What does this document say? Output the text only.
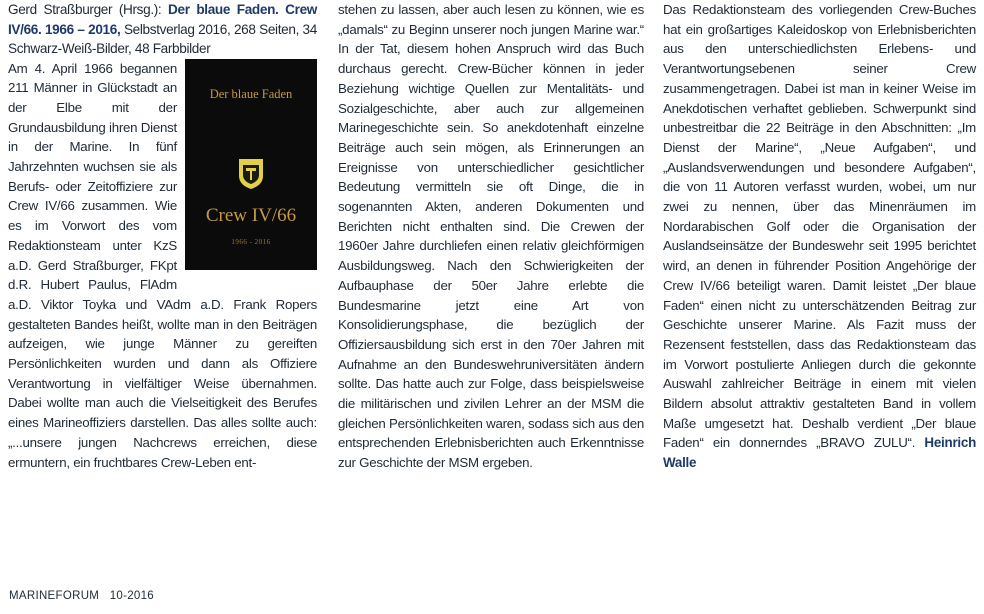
Gerd Straßburger (Hrsg.): Der blaue Faden. Crew IV/66. 1966 – 2016, Selbstverlag 2016, 268 Seiten, 34 Schwarz-Weiß-Bilder, 48 Farbbilder

Der blaue Faden
Crew IV/66
1966 - 2016

Am 4. April 1966 begannen 211 Männer in Glückstadt an der Elbe mit der Grundausbildung ihren Dienst in der Marine. In fünf Jahrzehnten wuchsen sie als Berufs- oder Zeitoffiziere zur Crew IV/66 zusammen. Wie es im Vorwort des vom Redaktionsteam unter KzS a.D. Gerd Straßburger, FKpt d.R. Hubert Paulus, FlAdm a.D. Viktor Toyka und VAdm a.D. Frank Ropers gestalteten Bandes heißt, wollte man in den Beiträgen aufzeigen, wie junge Männer zu gereiften Persönlichkeiten wurden und dann als Offiziere Verantwortung in vielfältiger Weise übernahmen. Dabei wollte man auch die Vielseitigkeit des Berufes eines Marineoffiziers darstellen. Das alles sollte auch: „...unsere jungen Nachcrews erreichen, diese ermuntern, ein fruchtbares Crew-Leben ent-

stehen zu lassen, aber auch lesen zu können, wie es „damals“ zu Beginn unserer noch jungen Marine war.“ In der Tat, diesem hohen Anspruch wird das Buch durchaus gerecht. Crew-Bücher können in jeder Beziehung wichtige Quellen zur Mentalitäts- und Sozialgeschichte, aber auch zur allgemeinen Marinegeschichte sein. So anekdotenhaft einzelne Beiträge auch sein mögen, als Erinnerungen an Ereignisse von unterschiedlicher gesichtlicher Bedeutung vermitteln sie oft Dinge, die in sogenannten Akten, anderen Dokumenten und Berichten nicht enthalten sind. Die Crewen der 1960er Jahre durchliefen einen relativ gleichförmigen Ausbildungsweg. Nach den Schwierigkeiten der Aufbauphase der 50er Jahre erlebte die Bundesmarine jetzt eine Art von Konsolidierungsphase, die bezüglich der Offiziersausbildung sich erst in den 70er Jahren mit Aufnahme an den Bundeswehruniversitäten ändern sollte. Das hatte auch zur Folge, dass beispielsweise die militärischen und zivilen Lehrer an der MSM die gleichen Persönlichkeiten waren, sodass sich aus den entsprechenden Erlebnisberichten auch Erkenntnisse zur Geschichte der MSM ergeben.

Das Redaktionsteam des vorliegenden Crew-Buches hat ein großartiges Kaleidoskop von Erlebnisberichten aus den unterschiedlichsten Erlebens- und Verantwortungsebenen seiner Crew zusammengetragen. Dabei ist man in keiner Weise im Anekdotischen verhaftet geblieben. Schwerpunkt sind unbestreitbar die 22 Beiträge in den Abschnitten: „Im Dienst der Marine“, „Neue Aufgaben“, und „Auslandsverwendungen und besondere Aufgaben“, die von 11 Autoren verfasst wurden, wobei, um nur zwei zu nennen, über das Minenräumen im Nordarabischen Golf oder die Organisation der Auslandseinsätze der Bundeswehr seit 1995 berichtet wird, an denen in führender Position Angehörige der Crew IV/66 beteiligt waren. Damit leistet „Der blaue Faden“ einen nicht zu unterschätzenden Beitrag zur Geschichte unserer Marine. Als Fazit muss der Rezensent feststellen, dass das Redaktionsteam das im Vorwort postulierte Anliegen durch die gekonnte Auswahl zahlreicher Beiträge in einem mit vielen Bildern absolut attraktiv gestalteten Band in vollem Maße umgesetzt hat. Deshalb verdient „Der blaue Faden“ ein donnerndes „BRAVO ZULU“. Heinrich Walle

MARINEFORUM 10-2016
